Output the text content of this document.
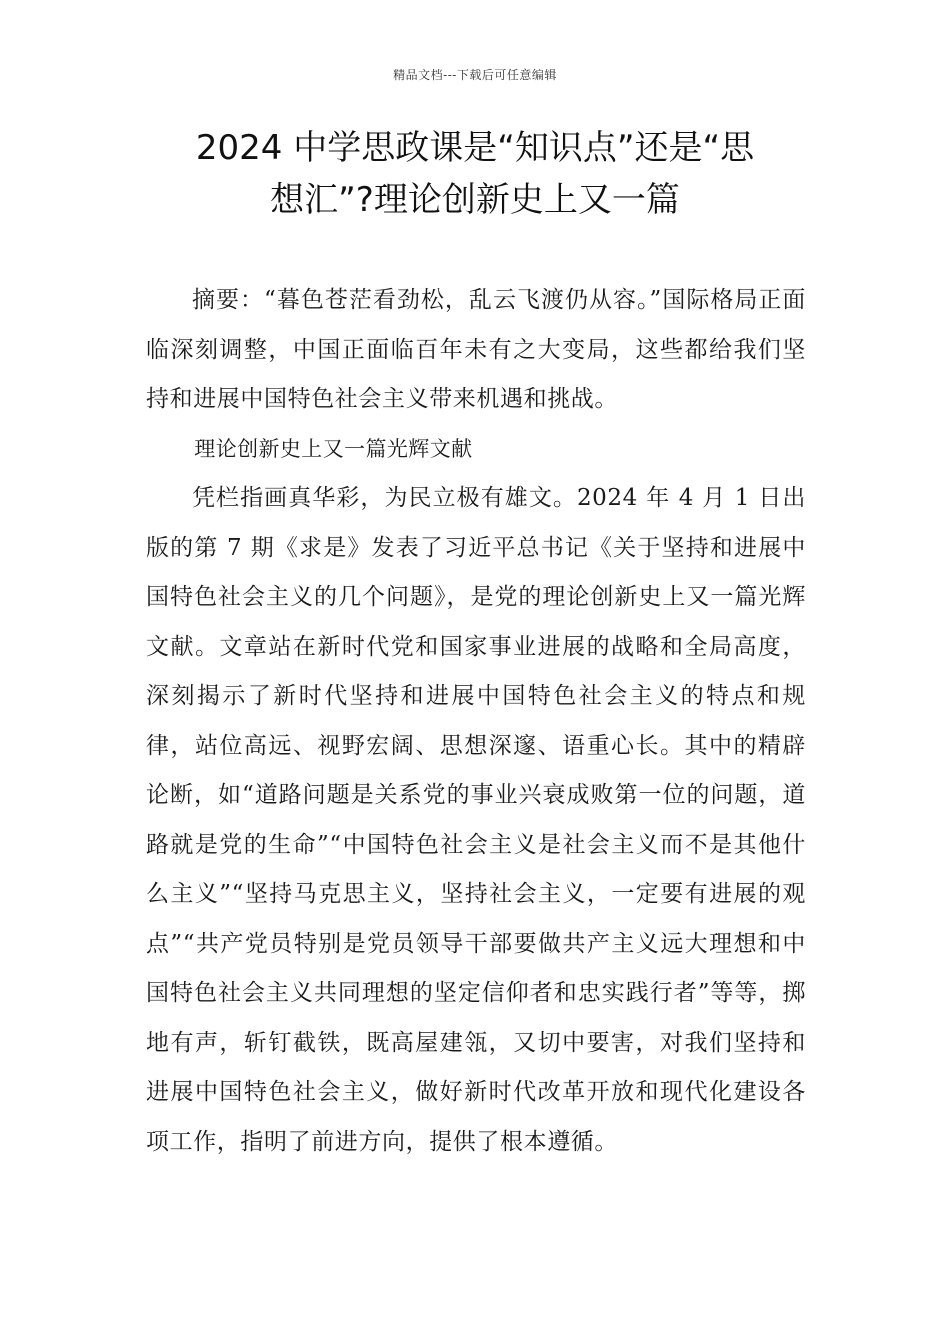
精品文档---下载后可任意编辑
2024 中学思政课是“知识点”还是“思
想汇”?理论创新史上又一篇

摘要：“暮色苍茫看劲松，乱云飞渡仍从容。”国际格局正面临深刻调整，中国正面临百年未有之大变局，这些都给我们坚持和进展中国特色社会主义带来机遇和挑战。

理论创新史上又一篇光辉文献

凭栏指画真华彩，为民立极有雄文。2024 年 4 月 1 日出版的第 7 期《求是》发表了习近平总书记《关于坚持和进展中国特色社会主义的几个问题》，是党的理论创新史上又一篇光辉文献。文章站在新时代党和国家事业进展的战略和全局高度，深刻揭示了新时代坚持和进展中国特色社会主义的特点和规律，站位高远、视野宏阔、思想深邃、语重心长。其中的精辟论断，如“道路问题是关系党的事业兴衰成败第一位的问题，道路就是党的生命”“中国特色社会主义是社会主义而不是其他什么主义”“坚持马克思主义，坚持社会主义，一定要有进展的观点”“共产党员特别是党员领导干部要做共产主义远大理想和中国特色社会主义共同理想的坚定信仰者和忠实践行者”等等，掷地有声，斩钉截铁，既高屋建瓴，又切中要害，对我们坚持和进展中国特色社会主义，做好新时代改革开放和现代化建设各项工作，指明了前进方向，提供了根本遵循。
